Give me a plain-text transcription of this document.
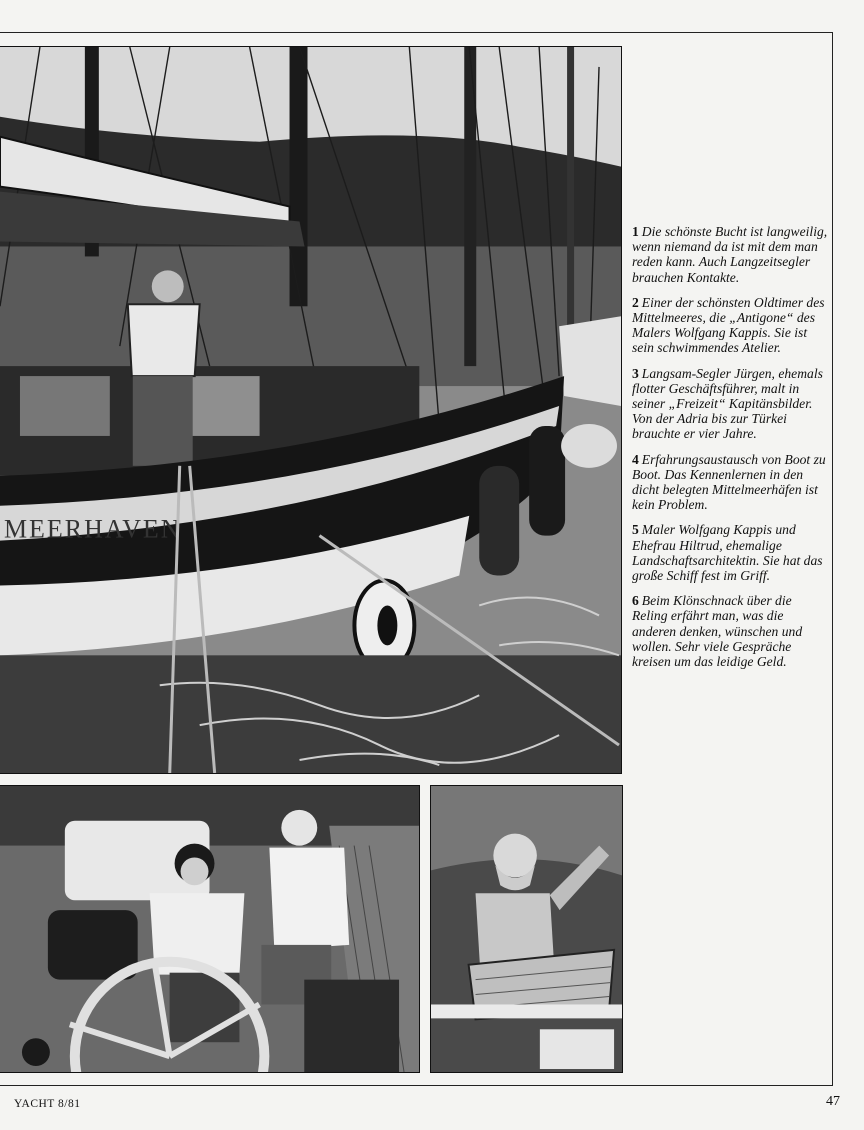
MEERHAVEN

1 Die schönste Bucht ist langweilig, wenn niemand da ist mit dem man reden kann. Auch Langzeitsegler brauchen Kontakte.

2 Einer der schönsten Oldtimer des Mittelmeeres, die „Antigone“ des Malers Wolfgang Kappis. Sie ist sein schwimmendes Atelier.

3 Langsam-Segler Jürgen, ehemals flotter Geschäftsführer, malt in seiner „Freizeit“ Kapitänsbilder. Von der Adria bis zur Türkei brauchte er vier Jahre.

4 Erfahrungsaustausch von Boot zu Boot. Das Kennenlernen in den dicht belegten Mittelmeerhäfen ist kein Problem.

5 Maler Wolfgang Kappis und Ehefrau Hiltrud, ehemalige Landschaftsarchitektin. Sie hat das große Schiff fest im Griff.

6 Beim Klönschnack über die Reling erfährt man, was die anderen denken, wünschen und wollen. Sehr viele Gespräche kreisen um das leidige Geld.

YACHT 8/81	47
